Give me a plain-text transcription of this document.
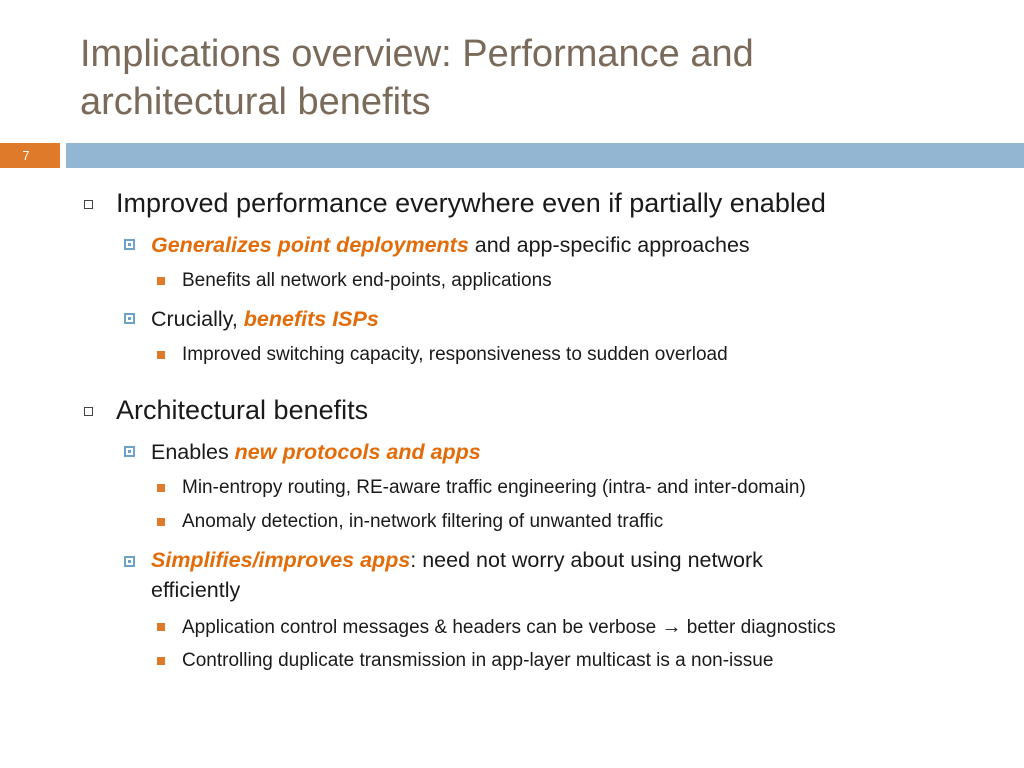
Implications overview: Performance and
architectural benefits
7
Improved performance everywhere even if partially enabled
Generalizes point deployments and app-specific approaches
Benefits all network end-points, applications
Crucially, benefits ISPs
Improved switching capacity, responsiveness to sudden overload
Architectural benefits
Enables new protocols and apps
Min-entropy routing, RE-aware traffic engineering (intra- and inter-domain)
Anomaly detection, in-network filtering of unwanted traffic
Simplifies/improves apps: need not worry about using network
efficiently
Application control messages & headers can be verbose → better diagnostics
Controlling duplicate transmission in app-layer multicast is a non-issue
